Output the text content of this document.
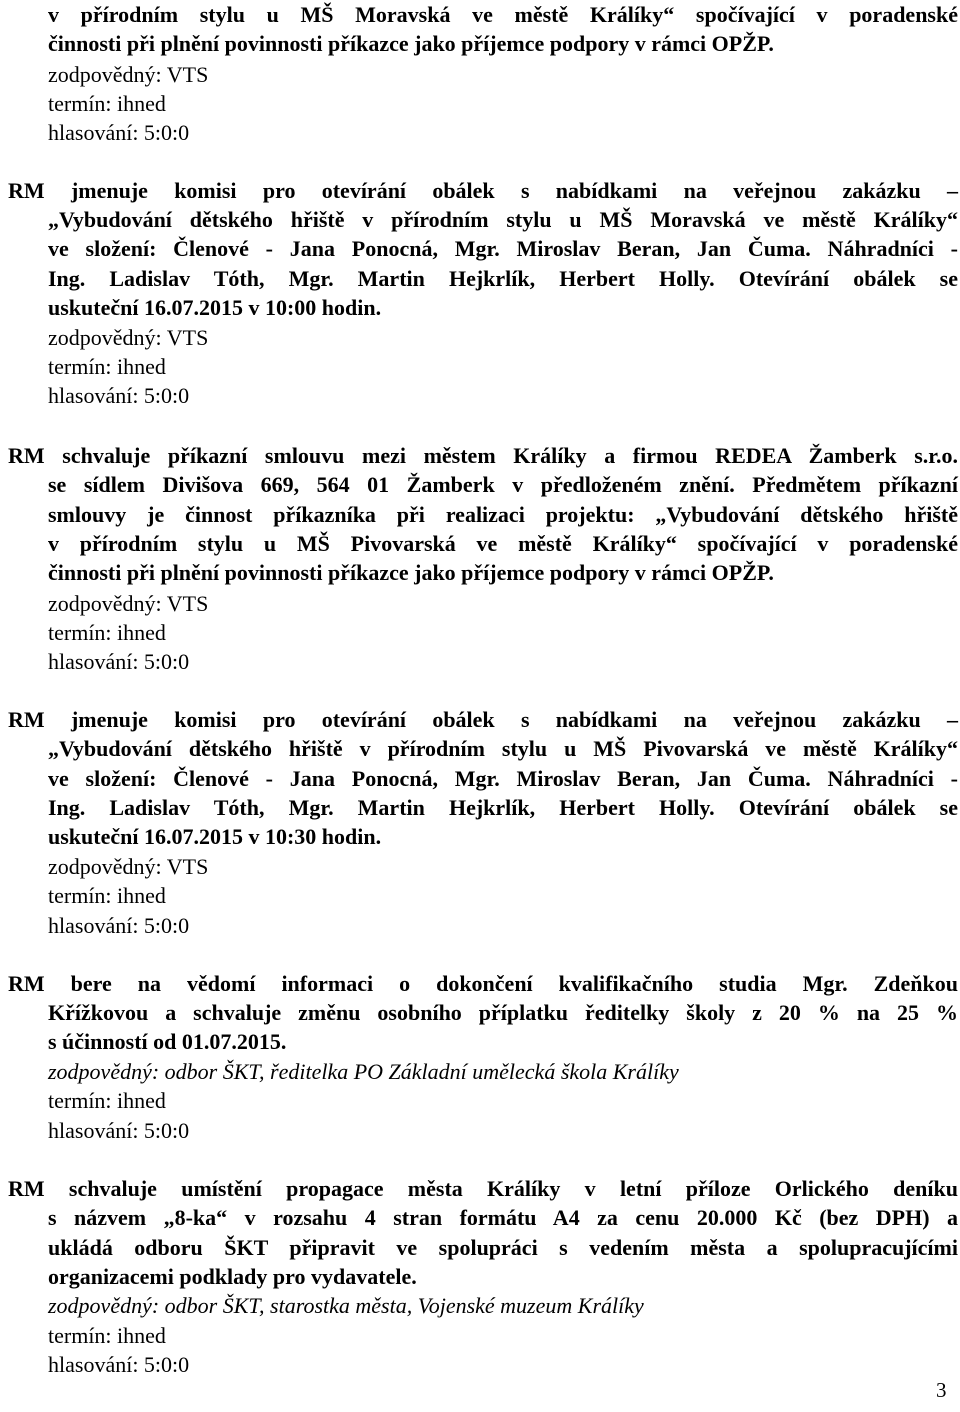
v přírodním stylu u MŠ Moravská ve městě Králíky“ spočívající v poradenské
činnosti při plnění povinnosti příkazce jako příjemce podpory v rámci OPŽP.
zodpovědný: VTS
termín: ihned
hlasování: 5:0:0
RM jmenuje komisi pro otevírání obálek s nabídkami na veřejnou zakázku –
„Vybudování dětského hřiště v přírodním stylu u MŠ Moravská ve městě Králíky“
ve složení: Členové - Jana Ponocná, Mgr. Miroslav Beran, Jan Čuma. Náhradníci -
Ing. Ladislav Tóth, Mgr. Martin Hejkrlík, Herbert Holly. Otevírání obálek se
uskuteční 16.07.2015 v 10:00 hodin.
zodpovědný: VTS
termín: ihned
hlasování: 5:0:0
RM schvaluje příkazní smlouvu mezi městem Králíky a firmou REDEA Žamberk s.r.o.
se sídlem Divišova 669, 564 01 Žamberk v předloženém znění. Předmětem příkazní
smlouvy je činnost příkazníka při realizaci projektu: „Vybudování dětského hřiště
v přírodním stylu u MŠ Pivovarská ve městě Králíky“ spočívající v poradenské
činnosti při plnění povinnosti příkazce jako příjemce podpory v rámci OPŽP.
zodpovědný: VTS
termín: ihned
hlasování: 5:0:0
RM jmenuje komisi pro otevírání obálek s nabídkami na veřejnou zakázku –
„Vybudování dětského hřiště v přírodním stylu u MŠ Pivovarská ve městě Králíky“
ve složení: Členové - Jana Ponocná, Mgr. Miroslav Beran, Jan Čuma. Náhradníci -
Ing. Ladislav Tóth, Mgr. Martin Hejkrlík, Herbert Holly. Otevírání obálek se
uskuteční 16.07.2015 v 10:30 hodin.
zodpovědný: VTS
termín: ihned
hlasování: 5:0:0
RM bere na vědomí informaci o dokončení kvalifikačního studia Mgr. Zdeňkou
Křížkovou a schvaluje změnu osobního příplatku ředitelky školy z 20 % na 25 %
s účinností od 01.07.2015.
zodpovědný: odbor ŠKT, ředitelka PO Základní umělecká škola Králíky
termín: ihned
hlasování: 5:0:0
RM schvaluje umístění propagace města Králíky v letní příloze Orlického deníku
s názvem „8-ka“ v rozsahu 4 stran formátu A4 za cenu 20.000 Kč (bez DPH) a
ukládá odboru ŠKT připravit ve spolupráci s vedením města a spolupracujícími
organizacemi podklady pro vydavatele.
zodpovědný: odbor ŠKT, starostka města, Vojenské muzeum Králíky
termín: ihned
hlasování: 5:0:0
3
